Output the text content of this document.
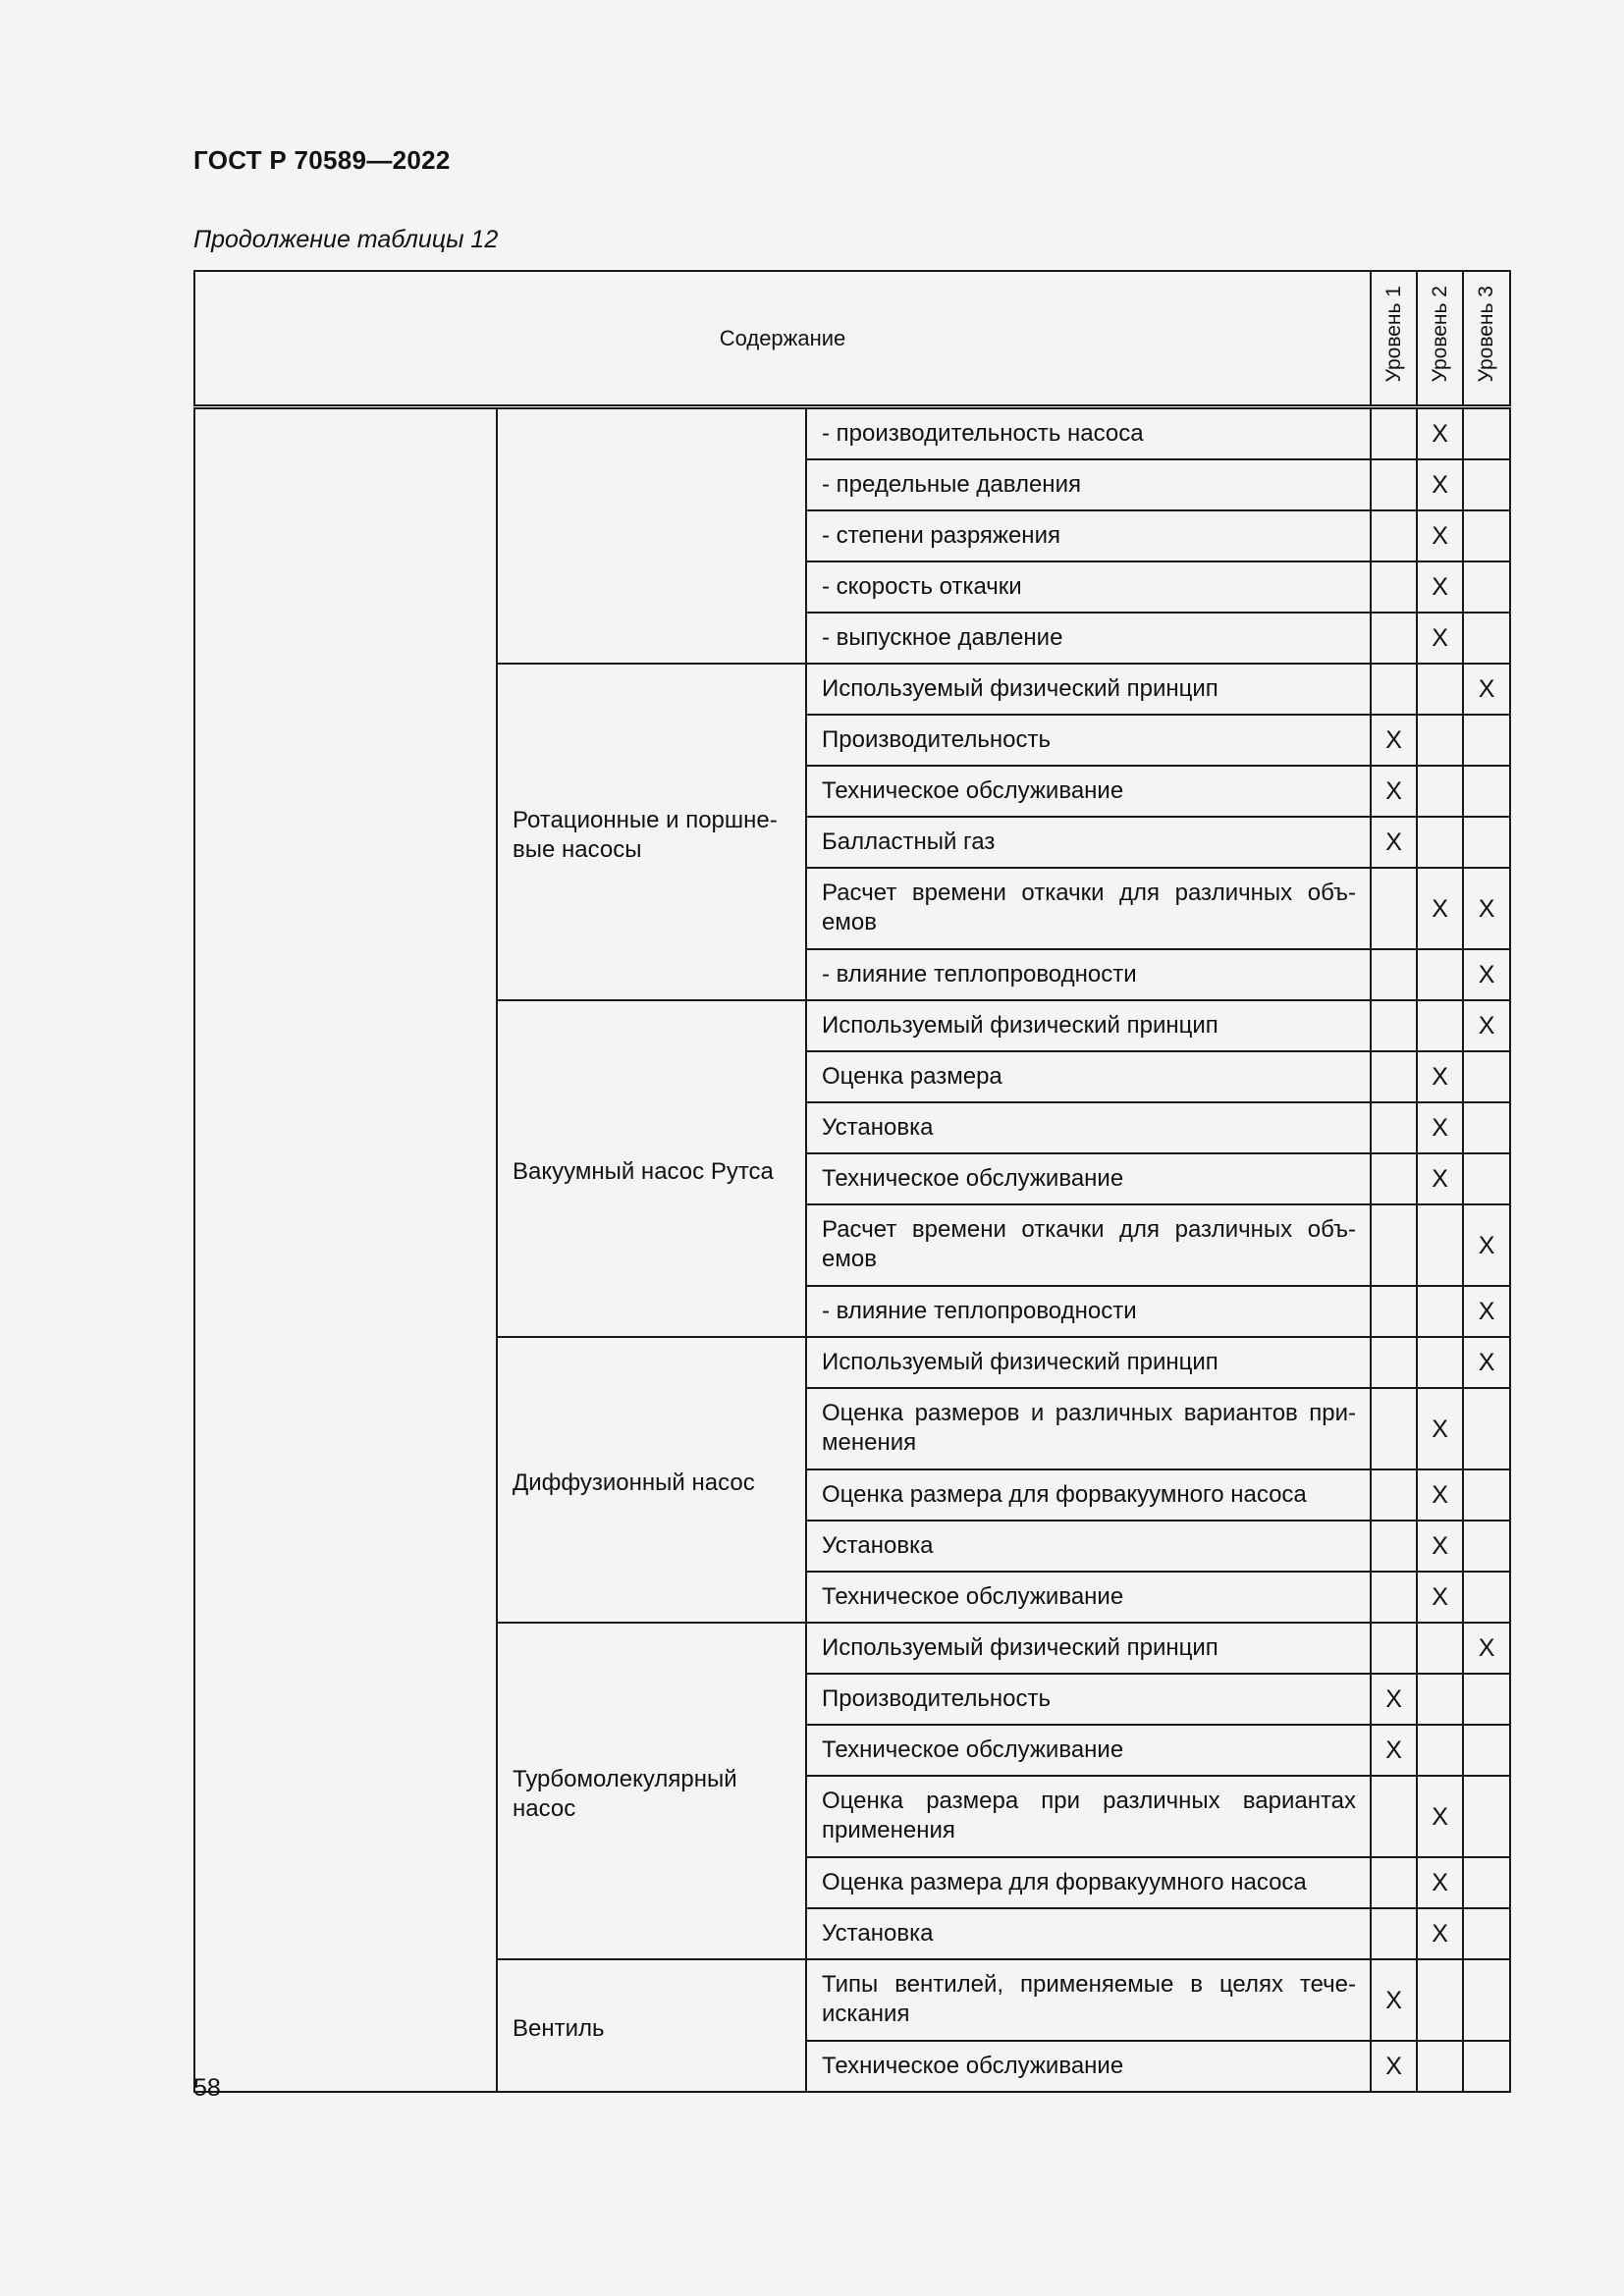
ГОСТ Р 70589—2022
Продолжение таблицы 12
Содержание			Уровень 1	Уровень 2	Уровень 3
		- производительность насоса		X	
		- предельные давления		X	
		- степени разряжения		X	
		- скорость откачки		X	
		- выпускное давление		X	
	Ротационные и поршне-вые насосы	Используемый физический принцип			X
		Производительность	X		
		Техническое обслуживание	X		
		Балластный газ	X		
		Расчет времени откачки для различных объ-емов		X	X
		- влияние теплопроводности			X
	Вакуумный насос Рутса	Используемый физический принцип			X
		Оценка размера		X	
		Установка		X	
		Техническое обслуживание		X	
		Расчет времени откачки для различных объ-емов			X
		- влияние теплопроводности			X
	Диффузионный насос	Используемый физический принцип			X
		Оценка размеров и различных вариантов при-менения		X	
		Оценка размера для форвакуумного насоса		X	
		Установка		X	
		Техническое обслуживание		X	
	Турбомолекулярный насос	Используемый физический принцип			X
		Производительность	X		
		Техническое обслуживание	X		
		Оценка размера при различных вариантах применения		X	
		Оценка размера для форвакуумного насоса		X	
		Установка		X	
	Вентиль	Типы вентилей, применяемые в целях тече-искания	X		
		Техническое обслуживание	X		
58
